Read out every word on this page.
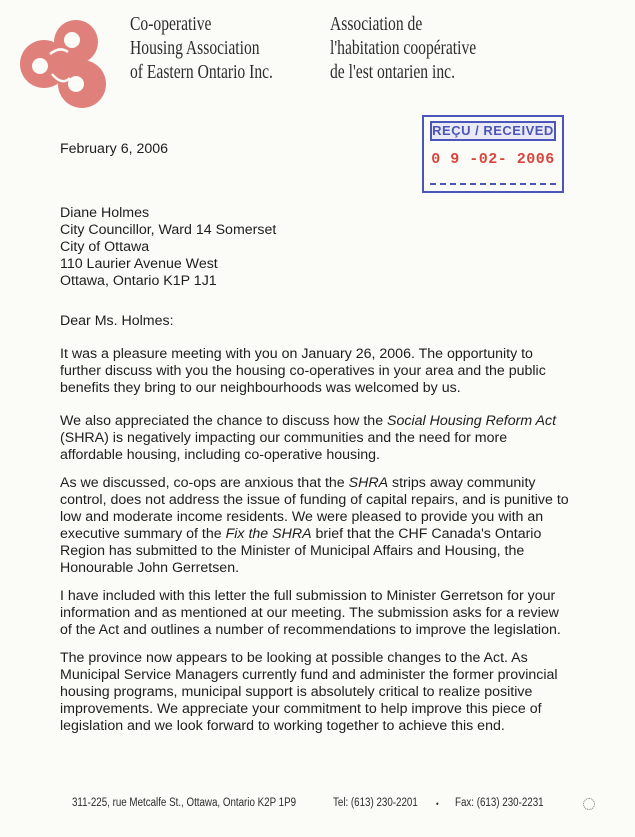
Co-operative
Housing Association
of Eastern Ontario Inc.
Association de
l'habitation coopérative
de l'est ontarien inc.
REÇU / RECEIVED
0 9 -02- 2006
February 6, 2006
Diane Holmes
City Councillor, Ward 14 Somerset
City of Ottawa
110 Laurier Avenue West
Ottawa, Ontario K1P 1J1
Dear Ms. Holmes:
It was a pleasure meeting with you on January 26, 2006. The opportunity to
further discuss with you the housing co-operatives in your area and the public
benefits they bring to our neighbourhoods was welcomed by us.
We also appreciated the chance to discuss how the Social Housing Reform Act
(SHRA) is negatively impacting our communities and the need for more
affordable housing, including co-operative housing.
As we discussed, co-ops are anxious that the SHRA strips away community
control, does not address the issue of funding of capital repairs, and is punitive to
low and moderate income residents. We were pleased to provide you with an
executive summary of the Fix the SHRA brief that the CHF Canada's Ontario
Region has submitted to the Minister of Municipal Affairs and Housing, the
Honourable John Gerretsen.
I have included with this letter the full submission to Minister Gerretson for your
information and as mentioned at our meeting. The submission asks for a review
of the Act and outlines a number of recommendations to improve the legislation.
The province now appears to be looking at possible changes to the Act. As
Municipal Service Managers currently fund and administer the former provincial
housing programs, municipal support is absolutely critical to realize positive
improvements. We appreciate your commitment to help improve this piece of
legislation and we look forward to working together to achieve this end.
311-225, rue Metcalfe St., Ottawa, Ontario K2P 1P9	Tel: (613) 230-2201 • Fax: (613) 230-2231
